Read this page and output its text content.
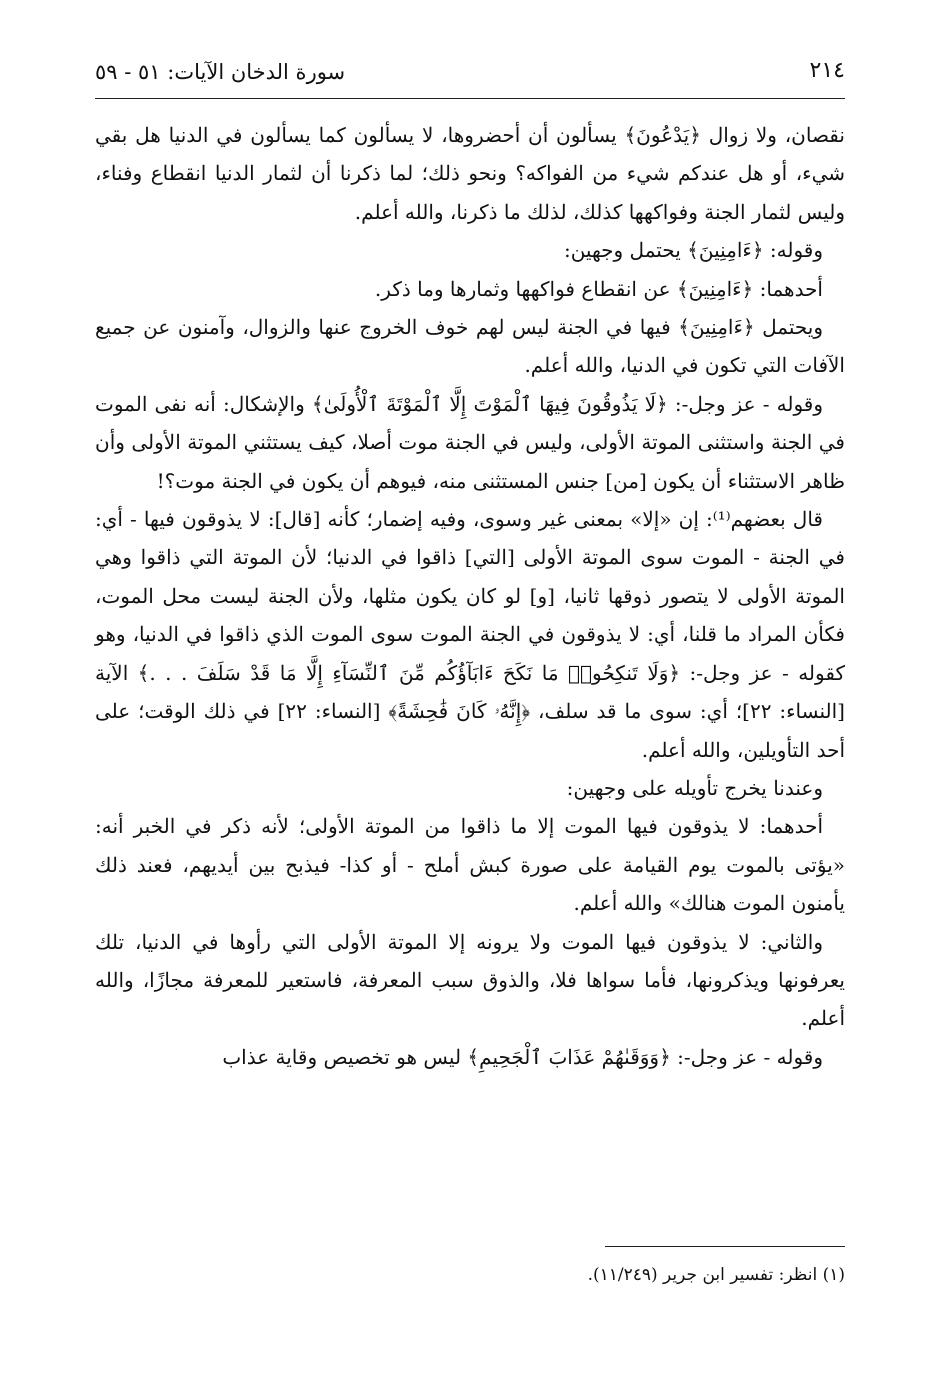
٢١٤
سورة الدخان الآيات: ٥١ - ٥٩

نقصان، ولا زوال ﴿يَدْعُونَ﴾ يسألون أن أحضروها، لا يسألون كما يسألون في الدنيا هل بقي شيء، أو هل عندكم شيء من الفواكه؟ ونحو ذلك؛ لما ذكرنا أن لثمار الدنيا انقطاع وفناء، وليس لثمار الجنة وفواكهها كذلك، لذلك ما ذكرنا، والله أعلم.

وقوله: ﴿ءَامِنِينَ﴾ يحتمل وجهين:

أحدهما: ﴿ءَامِنِينَ﴾ عن انقطاع فواكهها وثمارها وما ذكر.

ويحتمل ﴿ءَامِنِينَ﴾ فيها في الجنة ليس لهم خوف الخروج عنها والزوال، وآمنون عن جميع الآفات التي تكون في الدنيا، والله أعلم.

وقوله - عز وجل-: ﴿لَا يَذُوقُونَ فِيهَا ٱلْمَوْتَ إِلَّا ٱلْمَوْتَةَ ٱلْأُولَىٰ﴾ والإشكال: أنه نفى الموت في الجنة واستثنى الموتة الأولى، وليس في الجنة موت أصلا، كيف يستثني الموتة الأولى وأن ظاهر الاستثناء أن يكون [من] جنس المستثنى منه، فيوهم أن يكون في الجنة موت؟!

قال بعضهم⁽¹⁾: إن «إلا» بمعنى غير وسوى، وفيه إضمار؛ كأنه [قال]: لا يذوقون فيها - أي: في الجنة - الموت سوى الموتة الأولى [التي] ذاقوا في الدنيا؛ لأن الموتة التي ذاقوا وهي الموتة الأولى لا يتصور ذوقها ثانيا، [و] لو كان يكون مثلها، ولأن الجنة ليست محل الموت، فكأن المراد ما قلنا، أي: لا يذوقون في الجنة الموت سوى الموت الذي ذاقوا في الدنيا، وهو كقوله - عز وجل-: ﴿وَلَا تَنكِحُوا۟ مَا نَكَحَ ءَابَآؤُكُم مِّنَ ٱلنِّسَآءِ إِلَّا مَا قَدْ سَلَفَ . . .﴾ الآية [النساء: ٢٢]؛ أي: سوى ما قد سلف، ﴿إِنَّهُۥ كَانَ فَٰحِشَةً﴾ [النساء: ٢٢] في ذلك الوقت؛ على أحد التأويلين، والله أعلم.

وعندنا يخرج تأويله على وجهين:

أحدهما: لا يذوقون فيها الموت إلا ما ذاقوا من الموتة الأولى؛ لأنه ذكر في الخبر أنه: «يؤتى بالموت يوم القيامة على صورة كبش أملح - أو كذا- فيذبح بين أيديهم، فعند ذلك يأمنون الموت هنالك» والله أعلم.

والثاني: لا يذوقون فيها الموت ولا يرونه إلا الموتة الأولى التي رأوها في الدنيا، تلك يعرفونها ويذكرونها، فأما سواها فلا، والذوق سبب المعرفة، فاستعير للمعرفة مجازًا، والله أعلم.

وقوله - عز وجل-: ﴿وَوَقَىٰهُمْ عَذَابَ ٱلْجَحِيمِ﴾ ليس هو تخصيص وقاية عذاب

(١) انظر: تفسير ابن جرير (١١/٢٤٩).
